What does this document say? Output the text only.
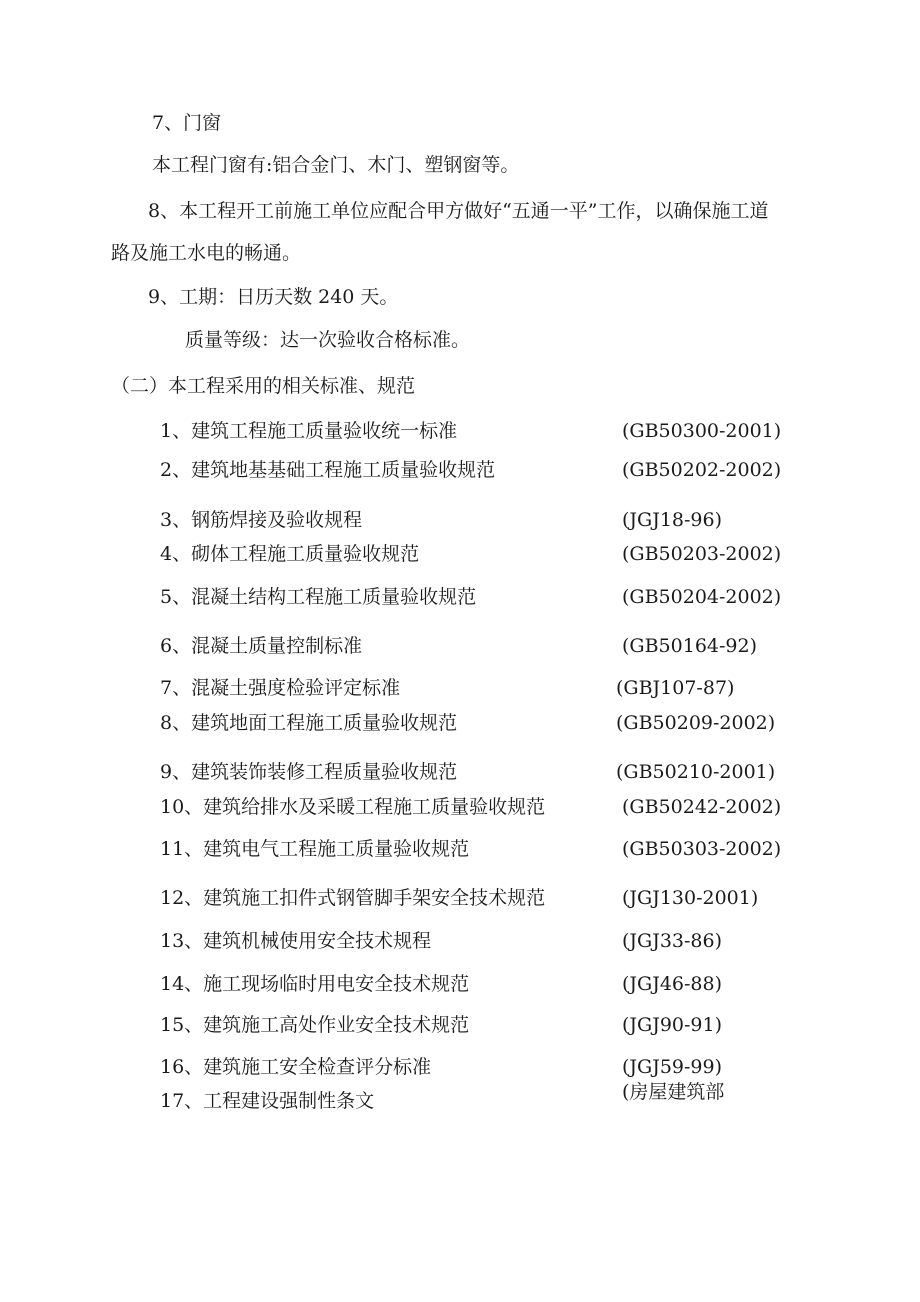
7、门窗
本工程门窗有:铝合金门、木门、塑钢窗等。
8、本工程开工前施工单位应配合甲方做好“五通一平”工作，以确保施工道
路及施工水电的畅通。
9、工期：日历天数 240 天。
质量等级：达一次验收合格标准。
（二）本工程采用的相关标准、规范
1、建筑工程施工质量验收统一标准	(GB50300-2001)
2、建筑地基基础工程施工质量验收规范	(GB50202-2002)
3、钢筋焊接及验收规程	(JGJ18-96)
4、砌体工程施工质量验收规范	(GB50203-2002)
5、混凝土结构工程施工质量验收规范	(GB50204-2002)
6、混凝土质量控制标准	(GB50164-92)
7、混凝土强度检验评定标准	(GBJ107-87)
8、建筑地面工程施工质量验收规范	(GB50209-2002)
9、建筑装饰装修工程质量验收规范	(GB50210-2001)
10、建筑给排水及采暖工程施工质量验收规范	(GB50242-2002)
11、建筑电气工程施工质量验收规范	(GB50303-2002)
12、建筑施工扣件式钢管脚手架安全技术规范	(JGJ130-2001)
13、建筑机械使用安全技术规程	(JGJ33-86)
14、施工现场临时用电安全技术规范	(JGJ46-88)
15、建筑施工高处作业安全技术规范	(JGJ90-91)
16、建筑施工安全检查评分标准	(JGJ59-99)
17、工程建设强制性条文	(房屋建筑部
